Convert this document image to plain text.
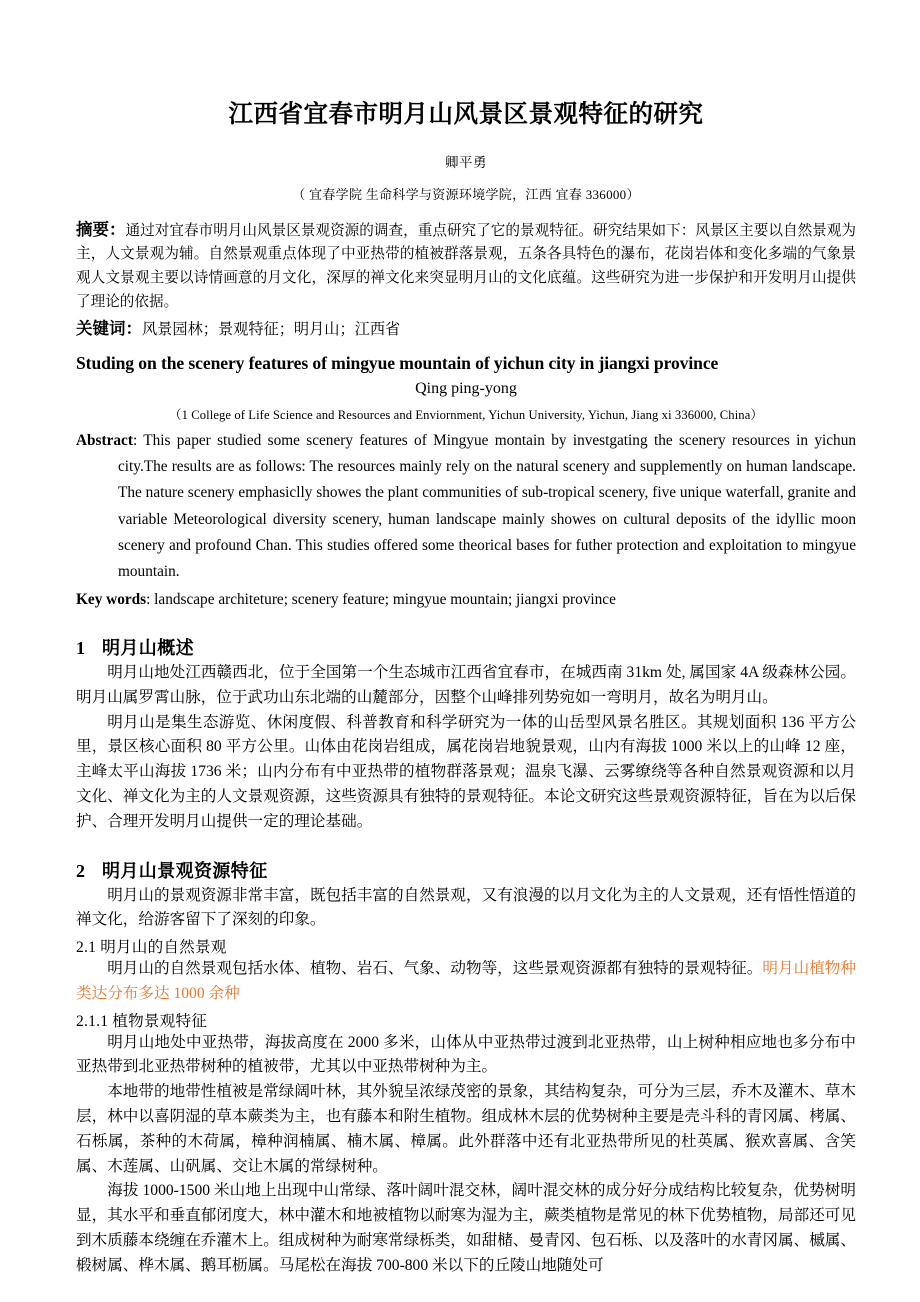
江西省宜春市明月山风景区景观特征的研究
卿平勇
（ 宜春学院 生命科学与资源环境学院，江西 宜春 336000）
摘要：通过对宜春市明月山风景区景观资源的调查，重点研究了它的景观特征。研究结果如下：风景区主要以自然景观为主，人文景观为辅。自然景观重点体现了中亚热带的植被群落景观，五条各具特色的瀑布，花岗岩体和变化多端的气象景观人文景观主要以诗情画意的月文化，深厚的禅文化来突显明月山的文化底蕴。这些研究为进一步保护和开发明月山提供了理论的依据。
关键词：风景园林；景观特征；明月山；江西省
Studing on the scenery features of mingyue mountain of yichun city in jiangxi province
Qing ping-yong
（1 College of Life Science and Resources and Enviornment, Yichun University, Yichun, Jiang xi 336000, China）
Abstract: This paper studied some scenery features of Mingyue montain by investgating the scenery resources in yichun city.The results are as follows: The resources mainly rely on the natural scenery and supplemently on human landscape. The nature scenery emphasiclly showes the plant communities of sub-tropical scenery, five unique waterfall, granite and variable Meteorological diversity scenery, human landscape mainly showes on cultural deposits of the idyllic moon scenery and profound Chan. This studies offered some theorical bases for futher protection and exploitation to mingyue mountain.
Key words: landscape architeture; scenery feature; mingyue mountain; jiangxi province
1 明月山概述

明月山地处江西赣西北，位于全国第一个生态城市江西省宜春市，在城西南 31km 处, 属国家 4A 级森林公园。明月山属罗霄山脉，位于武功山东北端的山麓部分，因整个山峰排列势宛如一弯明月，故名为明月山。

明月山是集生态游览、休闲度假、科普教育和科学研究为一体的山岳型风景名胜区。其规划面积 136 平方公里，景区核心面积 80 平方公里。山体由花岗岩组成，属花岗岩地貌景观，山内有海拔 1000 米以上的山峰 12 座，主峰太平山海拔 1736 米；山内分布有中亚热带的植物群落景观；温泉飞瀑、云雾缭绕等各种自然景观资源和以月文化、禅文化为主的人文景观资源，这些资源具有独特的景观特征。本论文研究这些景观资源特征，旨在为以后保护、合理开发明月山提供一定的理论基础。

2 明月山景观资源特征

明月山的景观资源非常丰富，既包括丰富的自然景观，又有浪漫的以月文化为主的人文景观，还有悟性悟道的禅文化，给游客留下了深刻的印象。

2.1 明月山的自然景观

明月山的自然景观包括水体、植物、岩石、气象、动物等，这些景观资源都有独特的景观特征。明月山植物种类达分布多达 1000 余种

2.1.1 植物景观特征

明月山地处中亚热带，海拔高度在 2000 多米，山体从中亚热带过渡到北亚热带，山上树种相应地也多分布中亚热带到北亚热带树种的植被带，尤其以中亚热带树种为主。

本地带的地带性植被是常绿阔叶林，其外貌呈浓绿茂密的景象，其结构复杂，可分为三层，乔木及灌木、草木层，林中以喜阴湿的草本蕨类为主，也有藤本和附生植物。组成林木层的优势树种主要是壳斗科的青冈属、栲属、石栎属，茶种的木荷属，樟种润楠属、楠木属、樟属。此外群落中还有北亚热带所见的杜英属、猴欢喜属、含笑属、木莲属、山矾属、交让木属的常绿树种。

海拔 1000-1500 米山地上出现中山常绿、落叶阔叶混交林，阔叶混交林的成分好分成结构比较复杂，优势树明显，其水平和垂直郁闭度大，林中灌木和地被植物以耐寒为湿为主，蕨类植物是常见的林下优势植物，局部还可见到木质藤本绕缠在乔灌木上。组成树种为耐寒常绿栎类，如甜槠、曼青冈、包石栎、以及落叶的水青冈属、槭属、椴树属、桦木属、鹅耳枥属。马尾松在海拔 700-800 米以下的丘陵山地随处可
